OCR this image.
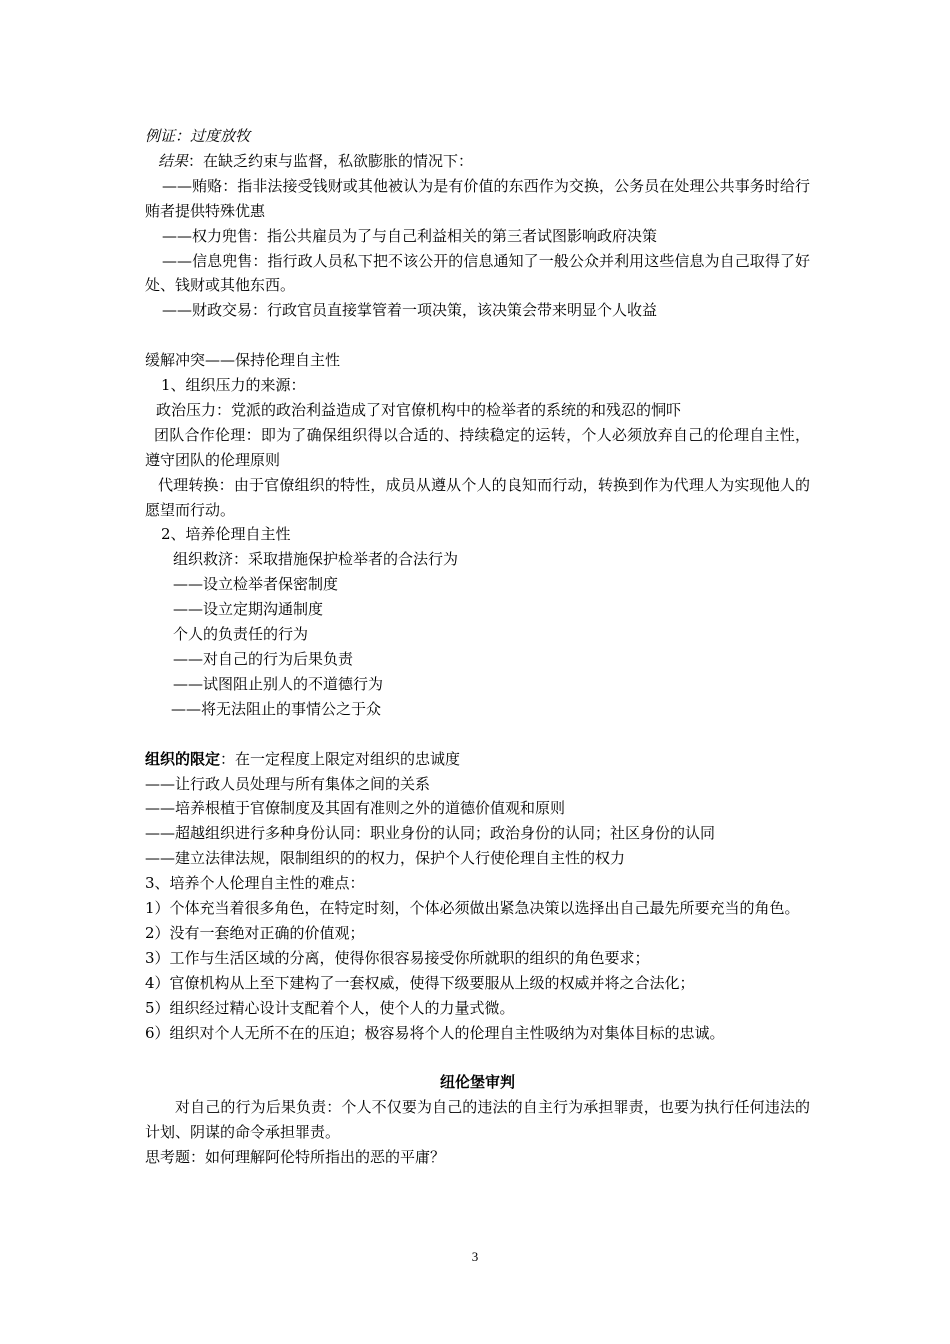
例证：过度放牧
结果：在缺乏约束与监督，私欲膨胀的情况下：
——贿赂：指非法接受钱财或其他被认为是有价值的东西作为交换，公务员在处理公共事务时给行贿者提供特殊优惠
——权力兜售：指公共雇员为了与自己利益相关的第三者试图影响政府决策
——信息兜售：指行政人员私下把不该公开的信息通知了一般公众并利用这些信息为自己取得了好处、钱财或其他东西。
——财政交易：行政官员直接掌管着一项决策，该决策会带来明显个人收益
缓解冲突——保持伦理自主性
1、组织压力的来源：
政治压力：党派的政治利益造成了对官僚机构中的检举者的系统的和残忍的恫吓
团队合作伦理：即为了确保组织得以合适的、持续稳定的运转，个人必须放弃自己的伦理自主性，遵守团队的伦理原则
代理转换：由于官僚组织的特性，成员从遵从个人的良知而行动，转换到作为代理人为实现他人的愿望而行动。
2、培养伦理自主性
组织救济：采取措施保护检举者的合法行为
——设立检举者保密制度
——设立定期沟通制度
个人的负责任的行为
——对自己的行为后果负责
——试图阻止别人的不道德行为
——将无法阻止的事情公之于众
组织的限定：在一定程度上限定对组织的忠诚度
——让行政人员处理与所有集体之间的关系
——培养根植于官僚制度及其固有准则之外的道德价值观和原则
——超越组织进行多种身份认同：职业身份的认同；政治身份的认同；社区身份的认同
——建立法律法规，限制组织的的权力，保护个人行使伦理自主性的权力
3、培养个人伦理自主性的难点：
1）个体充当着很多角色，在特定时刻，个体必须做出紧急决策以选择出自己最先所要充当的角色。
2）没有一套绝对正确的价值观；
3）工作与生活区域的分离，使得你很容易接受你所就职的组织的角色要求；
4）官僚机构从上至下建构了一套权威，使得下级要服从上级的权威并将之合法化；
5）组织经过精心设计支配着个人，使个人的力量式微。
6）组织对个人无所不在的压迫；极容易将个人的伦理自主性吸纳为对集体目标的忠诚。
纽伦堡审判
对自己的行为后果负责：个人不仅要为自己的违法的自主行为承担罪责，也要为执行任何违法的计划、阴谋的命令承担罪责。
思考题：如何理解阿伦特所指出的恶的平庸？
3
